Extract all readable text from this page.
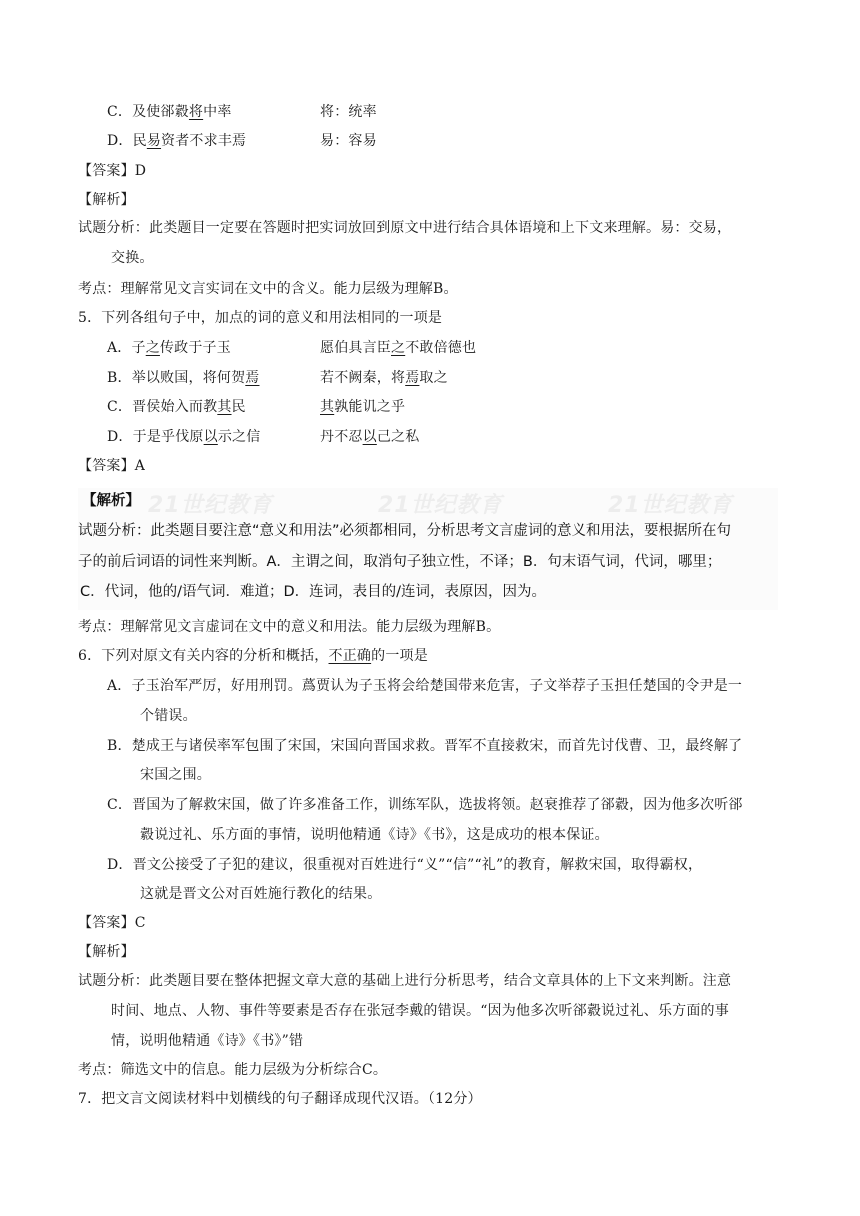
C．及使郤縠将中率	将：统率
D．民易资者不求丰焉	易：容易
【答案】D
【解析】
试题分析：此类题目一定要在答题时把实词放回到原文中进行结合具体语境和上下文来理解。易：交易，
交换。
考点：理解常见文言实词在文中的含义。能力层级为理解B。
5．下列各组句子中，加点的词的意义和用法相同的一项是
A．子之传政于子玉	愿伯具言臣之不敢倍德也
B．举以败国，将何贺焉	若不阙秦，将焉取之
C．晋侯始入而教其民	其孰能讥之乎
D．于是乎伐原以示之信	丹不忍以己之私
【答案】A
21世纪教育	21世纪教育	21世纪教育
【解析】
试题分析：此类题目要注意“意义和用法”必须都相同，分析思考文言虚词的意义和用法，要根据所在句
子的前后词语的词性来判断。A．主谓之间，取消句子独立性，不译；B．句末语气词，代词，哪里；
C．代词，他的/语气词．难道；D．连词，表目的/连词，表原因，因为。
考点：理解常见文言虚词在文中的意义和用法。能力层级为理解B。
6．下列对原文有关内容的分析和概括，不正确的一项是
A．子玉治军严厉，好用刑罚。蔿贾认为子玉将会给楚国带来危害，子文举荐子玉担任楚国的令尹是一
个错误。
B．楚成王与诸侯率军包围了宋国，宋国向晋国求救。晋军不直接救宋，而首先讨伐曹、卫，最终解了
宋国之围。
C．晋国为了解救宋国，做了许多准备工作，训练军队，选拔将领。赵衰推荐了郤縠，因为他多次听郤
縠说过礼、乐方面的事情，说明他精通《诗》《书》，这是成功的根本保证。
D．晋文公接受了子犯的建议，很重视对百姓进行“义”“信”“礼”的教育，解救宋国，取得霸权，
这就是晋文公对百姓施行教化的结果。
【答案】C
【解析】
试题分析：此类题目要在整体把握文章大意的基础上进行分析思考，结合文章具体的上下文来判断。注意
时间、地点、人物、事件等要素是否存在张冠李戴的错误。“因为他多次听郤縠说过礼、乐方面的事
情，说明他精通《诗》《书》”错
考点：筛选文中的信息。能力层级为分析综合C。
7．把文言文阅读材料中划横线的句子翻译成现代汉语。（12分）
